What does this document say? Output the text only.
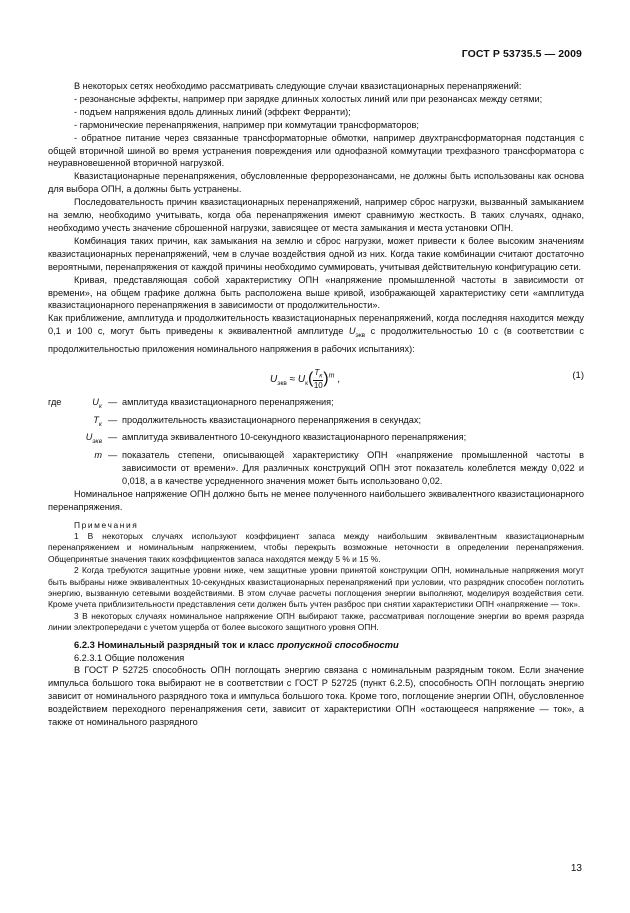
ГОСТ Р 53735.5 — 2009

В некоторых сетях необходимо рассматривать следующие случаи квазистационарных перенапряжений:

- резонансные эффекты, например при зарядке длинных холостых линий или при резонансах между сетями;

- подъем напряжения вдоль длинных линий (эффект Ферранти);

- гармонические перенапряжения, например при коммутации трансформаторов;

- обратное питание через связанные трансформаторные обмотки, например двухтрансформаторная подстанция с общей вторичной шиной во время устранения повреждения или однофазной коммутации трехфазного трансформатора с неуравновешенной вторичной нагрузкой.

Квазистационарные перенапряжения, обусловленные феррорезонансами, не должны быть использованы как основа для выбора ОПН, а должны быть устранены.

Последовательность причин квазистационарных перенапряжений, например сброс нагрузки, вызванный замыканием на землю, необходимо учитывать, когда оба перенапряжения имеют сравнимую жесткость. В таких случаях, однако, необходимо учесть значение сброшенной нагрузки, зависящее от места замыкания и места установки ОПН.

Комбинация таких причин, как замыкания на землю и сброс нагрузки, может привести к более высоким значениям квазистационарных перенапряжений, чем в случае воздействия одной из них. Когда такие комбинации считают достаточно вероятными, перенапряжения от каждой причины необходимо суммировать, учитывая действительную конфигурацию сети.

Кривая, представляющая собой характеристику ОПН «напряжение промышленной частоты в зависимости от времени», на общем графике должна быть расположена выше кривой, изображающей характеристику сети «амплитуда квазистационарного перенапряжения в зависимости от продолжительности».

Как приближение, амплитуда и продолжительность квазистационарных перенапряжений, когда последняя находится между 0,1 и 100 с, могут быть приведены к эквивалентной амплитуде $U_{экв}$ с продолжительностью 10 с (в соответствии с продолжительностью приложения номинального напряжения в рабочих испытаниях):

$U_{экв} \approx U_к( \frac{T_к}{10} )^m$ ,	(1)
где	$U_к$ — амплитуда квазистационарного перенапряжения;
$T_к$ — продолжительность квазистационарного перенапряжения в секундах;
$U_{экв}$ — амплитуда эквивалентного 10-секундного квазистационарного перенапряжения;
m — показатель степени, описывающей характеристику ОПН «напряжение промышленной частоты в зависимости от времени». Для различных конструкций ОПН этот показатель колеблется между 0,022 и 0,018, а в качестве усредненного значения может быть использовано 0,02.

Номинальное напряжение ОПН должно быть не менее полученного наибольшего эквивалентного квазистационарного перенапряжения.

Примечания

1 В некоторых случаях используют коэффициент запаса между наибольшим эквивалентным квазистационарным перенапряжением и номинальным напряжением, чтобы перекрыть возможные неточности в определении перенапряжения. Общепринятые значения таких коэффициентов запаса находятся между 5 % и 15 %.

2 Когда требуются защитные уровни ниже, чем защитные уровни принятой конструкции ОПН, номинальные напряжения могут быть выбраны ниже эквивалентных 10-секундных квазистационарных перенапряжений при условии, что разрядник способен поглотить энергию, вызванную сетевыми воздействиями. В этом случае расчеты поглощения энергии выполняют, моделируя воздействия сети. Кроме учета приблизительности представления сети должен быть учтен разброс при снятии характеристики ОПН «напряжение — ток».

3 В некоторых случаях номинальное напряжение ОПН выбирают также, рассматривая поглощение энергии во время разряда линии электропередачи с учетом ущерба от более высокого защитного уровня ОПН.

6.2.3 Номинальный разрядный ток и класс пропускной способности

6.2.3.1 Общие положения

В ГОСТ Р 52725 способность ОПН поглощать энергию связана с номинальным разрядным током. Если значение импульса большого тока выбирают не в соответствии с ГОСТ Р 52725 (пункт 6.2.5), способность ОПН поглощать энергию зависит от номинального разрядного тока и импульса большого тока. Кроме того, поглощение энергии ОПН, обусловленное воздействием переходного перенапряжения сети, зависит от характеристики ОПН «остающееся напряжение — ток», а также от номинального разрядного

13
